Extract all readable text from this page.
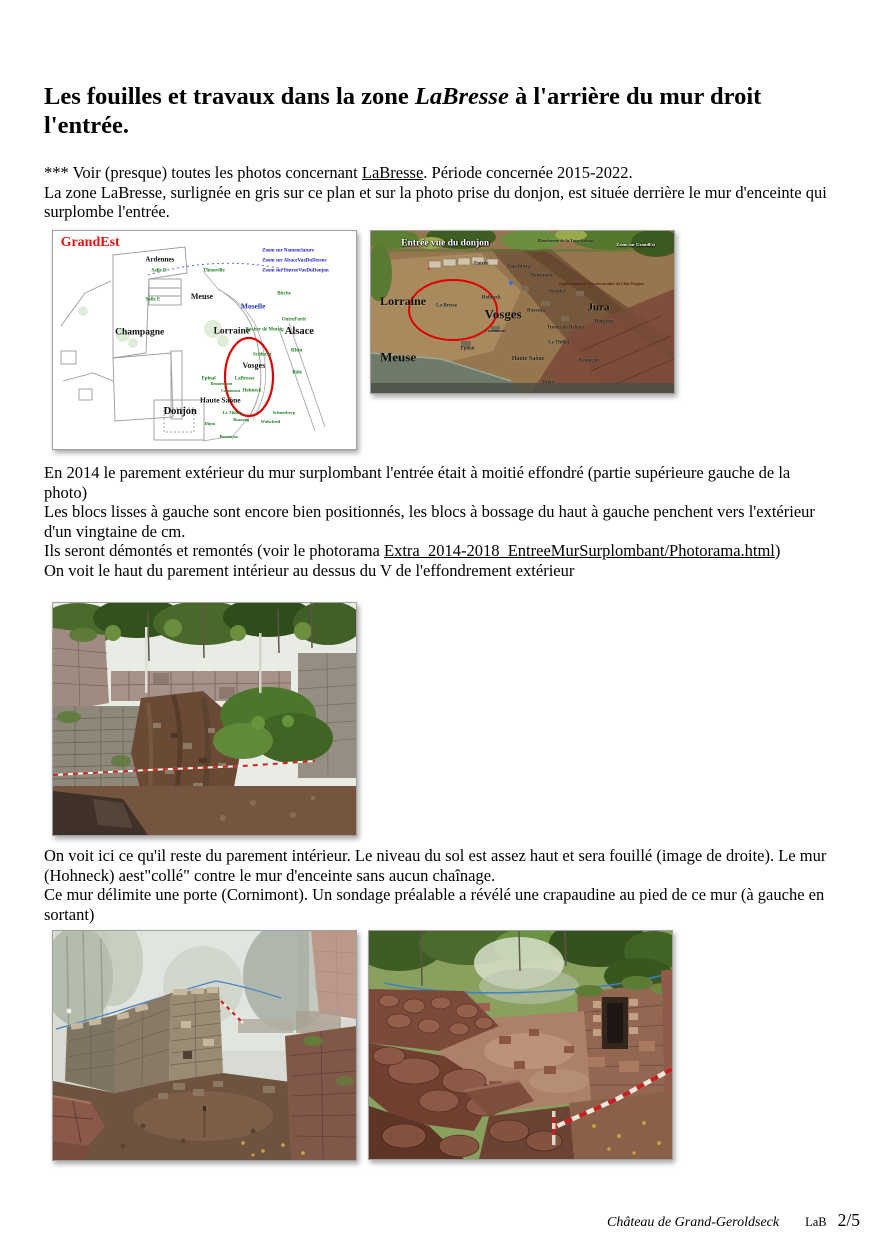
Les fouilles et travaux dans la zone LaBresse à l'arrière du mur droit l'entrée.

*** Voir (presque) toutes les photos concernant LaBresse. Période concernée 2015-2022.

La zone LaBresse, surlignée en gris sur ce plan et sur la photo prise du donjon, est située derrière le mur d'enceinte qui surplombe l'entrée.

GrandEst
Zoom sur Nomenclature
Zoom sur AlsaceVueDuDessus
Zoom sur EntreeVueDuDonjon
Ardennes
Meuse
Champagne	Lorraine	Alsace
Vosges
Haute Saône
Donjon
Moselle
Salle D	Thionville
Salle E
Bitche
OutreForêt
Rocher de Mutzig
Rhin
Schlucht
Bâle
Epinal	LaBresse
Remiremont
Cornimont Hohneck
Le Thillot
Bussang
Schneeberg
Walscheid
Dijon
Besançon
Entrée vue du donjon	Zoom sur GrandEst
Plateforme de la Tour-balcon
Entrée	Vogelsberg
Halenmatt
Moutier
Hohneck
La Bresse
Bussang
Morgeau
Trouée de Belfort
Cornimont
Le Thillot
Epinal
Haute Saône	Besançon
Dijon
emplacement de l'ancien escalier du Club Vosgien
Lorraine
Vosges	Jura
Meuse

En 2014 le parement extérieur du mur surplombant l'entrée était à moitié effondré (partie supérieure gauche de la photo)

Les blocs lisses à gauche sont encore bien positionnés, les blocs à bossage du haut à gauche penchent vers l'extérieur d'un vingtaine de cm.

Ils seront démontés et remontés (voir le photorama Extra_2014-2018_EntreeMurSurplombant/Photorama.html)

On voit le haut du parement intérieur au dessus du V de l'effondrement extérieur

On voit ici ce qu'il reste du parement intérieur. Le niveau du sol est assez haut et sera fouillé (image de droite). Le mur (Hohneck) aest"collé" contre le mur d'enceinte sans aucun chaînage.

Ce mur délimite une porte (Cornimont). Un sondage préalable a révélé une crapaudine au pied de ce mur (à gauche en sortant)

Château de Grand-Geroldseck LaB 2/5
